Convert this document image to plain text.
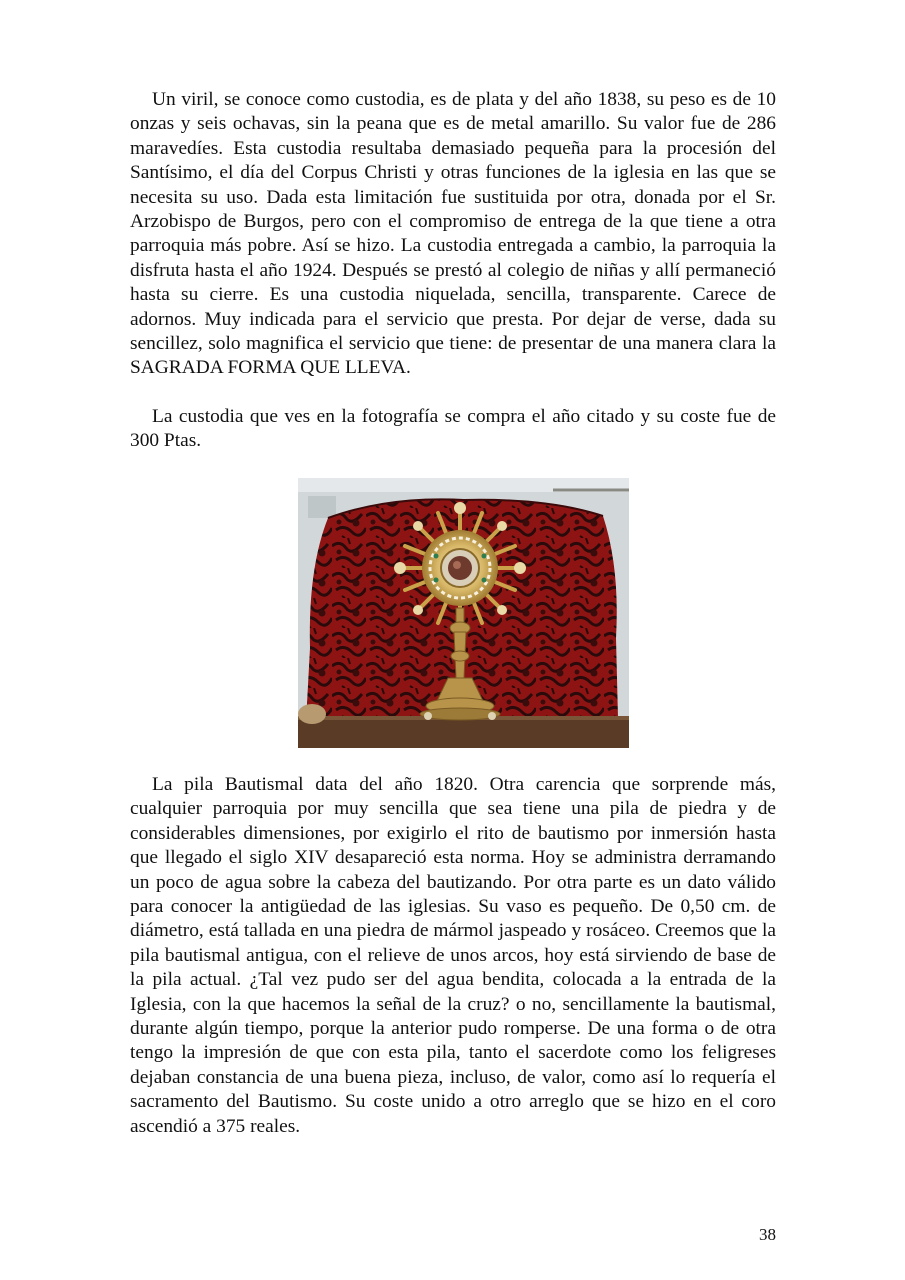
Un viril, se conoce como custodia, es de plata y del año 1838, su peso es de 10 onzas y seis ochavas, sin la peana que es de metal amarillo. Su valor fue de 286 maravedíes. Esta custodia resultaba demasiado pequeña para la procesión del Santísimo, el día del Corpus Christi y otras funciones de la iglesia en las que se necesita su uso. Dada esta limitación fue sustituida por otra, donada por el Sr. Arzobispo de Burgos, pero con el compromiso de entrega de la que tiene a otra parroquia más pobre. Así se hizo. La custodia entregada a cambio, la parroquia la disfruta hasta el año 1924. Después se prestó al colegio de niñas y allí permaneció hasta su cierre. Es una custodia niquelada, sencilla, transparente. Carece de adornos. Muy indicada para el servicio que presta. Por dejar de verse, dada su sencillez, solo magnifica el servicio que tiene: de presentar de una manera clara la SAGRADA FORMA QUE LLEVA.

La custodia que ves en la fotografía se compra el año citado y su coste fue de 300 Ptas.

La pila Bautismal data del año 1820. Otra carencia que sorprende más, cualquier parroquia por muy sencilla que sea tiene una pila de piedra y de considerables dimensiones, por exigirlo el rito de bautismo por inmersión hasta que llegado el siglo XIV desapareció esta norma. Hoy se administra derramando un poco de agua sobre la cabeza del bautizando. Por otra parte es un dato válido para conocer la antigüedad de las iglesias. Su vaso es pequeño. De 0,50 cm. de diámetro, está tallada en una piedra de mármol jaspeado y rosáceo. Creemos que la pila bautismal antigua, con el relieve de unos arcos, hoy está sirviendo de base de la pila actual. ¿Tal vez pudo ser del agua bendita, colocada a la entrada de la Iglesia, con la que hacemos la señal de la cruz? o no, sencillamente la bautismal, durante algún tiempo, porque la anterior pudo romperse. De una forma o de otra tengo la impresión de que con esta pila, tanto el sacerdote como los feligreses dejaban constancia de una buena pieza, incluso, de valor, como así lo requería el sacramento del Bautismo. Su coste unido a otro arreglo que se hizo en el coro ascendió a 375 reales.

38
